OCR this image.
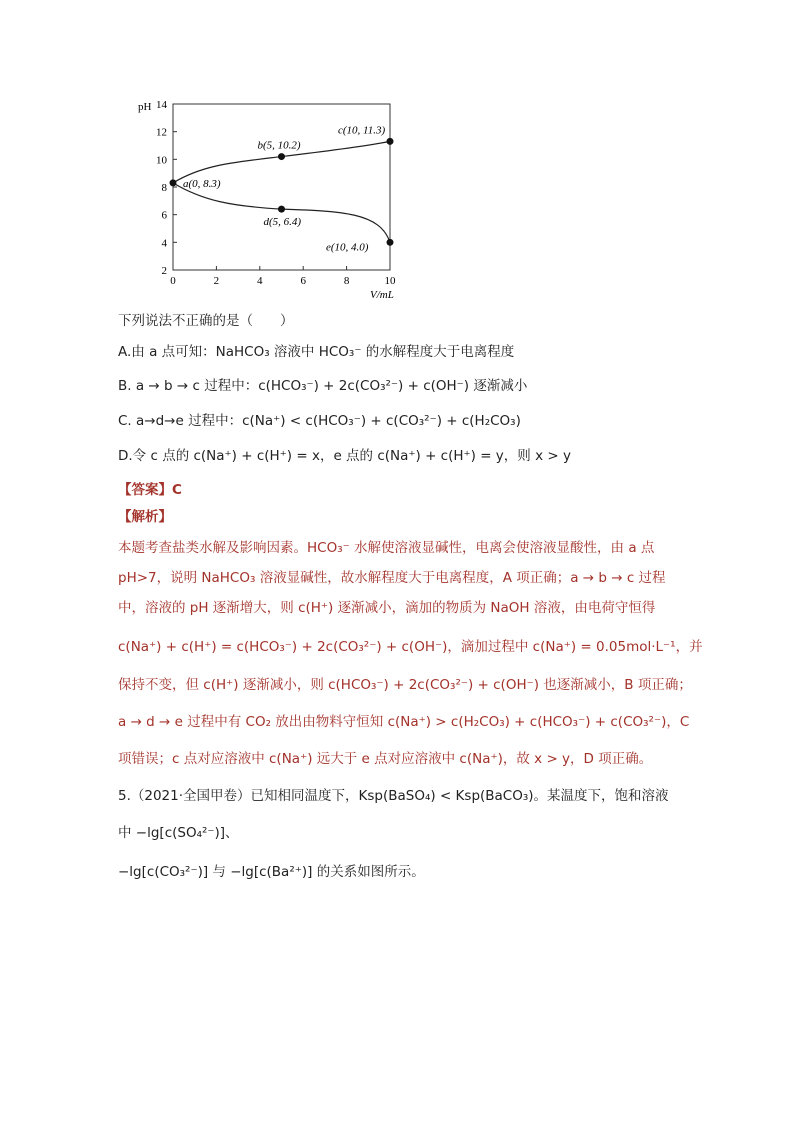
pH
V/mL
0	2	4	6	8	10
2
4
6
8
10
12
14
a(0, 8.3)
b(5, 10.2)
c(10, 11.3)
d(5, 6.4)
e(10, 4.0)
下列说法不正确的是（　　）
A.由 a 点可知：NaHCO₃ 溶液中 HCO₃⁻ 的水解程度大于电离程度
B. a → b → c 过程中：c(HCO₃⁻) + 2c(CO₃²⁻) + c(OH⁻) 逐渐减小
C. a→d→e 过程中：c(Na⁺) < c(HCO₃⁻) + c(CO₃²⁻) + c(H₂CO₃)
D.令 c 点的 c(Na⁺) + c(H⁺) = x，e 点的 c(Na⁺) + c(H⁺) = y，则 x > y
【答案】C
【解析】
本题考查盐类水解及影响因素。HCO₃⁻ 水解使溶液显碱性，电离会使溶液显酸性，由 a 点
pH>7，说明 NaHCO₃ 溶液显碱性，故水解程度大于电离程度，A 项正确；a → b → c 过程
中，溶液的 pH 逐渐增大，则 c(H⁺) 逐渐减小，滴加的物质为 NaOH 溶液，由电荷守恒得
c(Na⁺) + c(H⁺) = c(HCO₃⁻) + 2c(CO₃²⁻) + c(OH⁻)，滴加过程中 c(Na⁺) = 0.05mol·L⁻¹，并
保持不变，但 c(H⁺) 逐渐减小，则 c(HCO₃⁻) + 2c(CO₃²⁻) + c(OH⁻) 也逐渐减小，B 项正确；
a → d → e 过程中有 CO₂ 放出由物料守恒知 c(Na⁺) > c(H₂CO₃) + c(HCO₃⁻) + c(CO₃²⁻)，C
项错误；c 点对应溶液中 c(Na⁺) 远大于 e 点对应溶液中 c(Na⁺)，故 x > y，D 项正确。
5.（2021·全国甲卷）已知相同温度下，Ksp(BaSO₄) < Ksp(BaCO₃)。某温度下，饱和溶液
中 −lg[c(SO₄²⁻)]、
−lg[c(CO₃²⁻)] 与 −lg[c(Ba²⁺)] 的关系如图所示。
